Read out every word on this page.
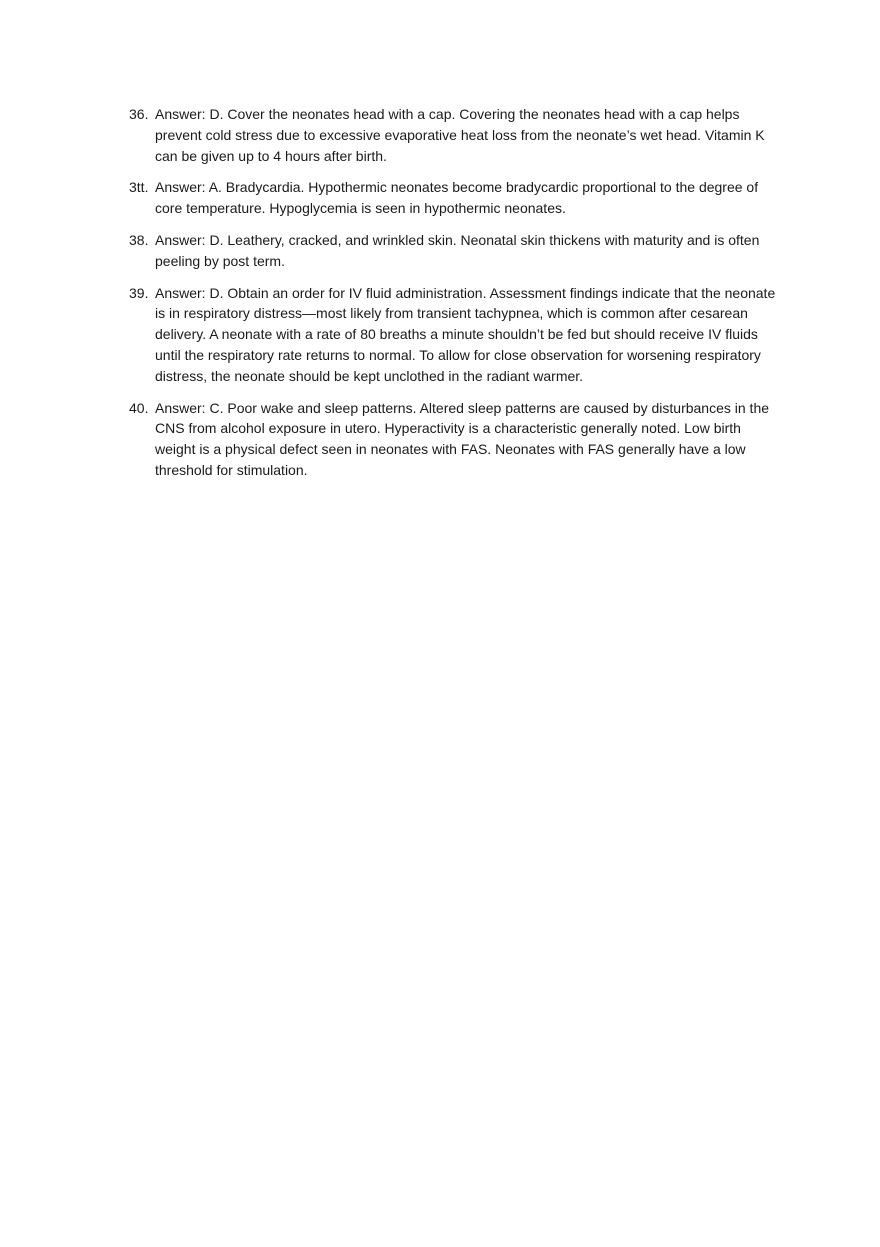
36. Answer: D. Cover the neonates head with a cap. Covering the neonates head with a cap helps prevent cold stress due to excessive evaporative heat loss from the neonate’s wet head. Vitamin K can be given up to 4 hours after birth.
3tt. Answer: A. Bradycardia. Hypothermic neonates become bradycardic proportional to the degree of core temperature. Hypoglycemia is seen in hypothermic neonates.
38. Answer: D. Leathery, cracked, and wrinkled skin. Neonatal skin thickens with maturity and is often peeling by post term.
39. Answer: D. Obtain an order for IV fluid administration. Assessment findings indicate that the neonate is in respiratory distress—most likely from transient tachypnea, which is common after cesarean delivery. A neonate with a rate of 80 breaths a minute shouldn’t be fed but should receive IV fluids until the respiratory rate returns to normal. To allow for close observation for worsening respiratory distress, the neonate should be kept unclothed in the radiant warmer.
40. Answer: C. Poor wake and sleep patterns. Altered sleep patterns are caused by disturbances in the CNS from alcohol exposure in utero. Hyperactivity is a characteristic generally noted. Low birth weight is a physical defect seen in neonates with FAS. Neonates with FAS generally have a low threshold for stimulation.
